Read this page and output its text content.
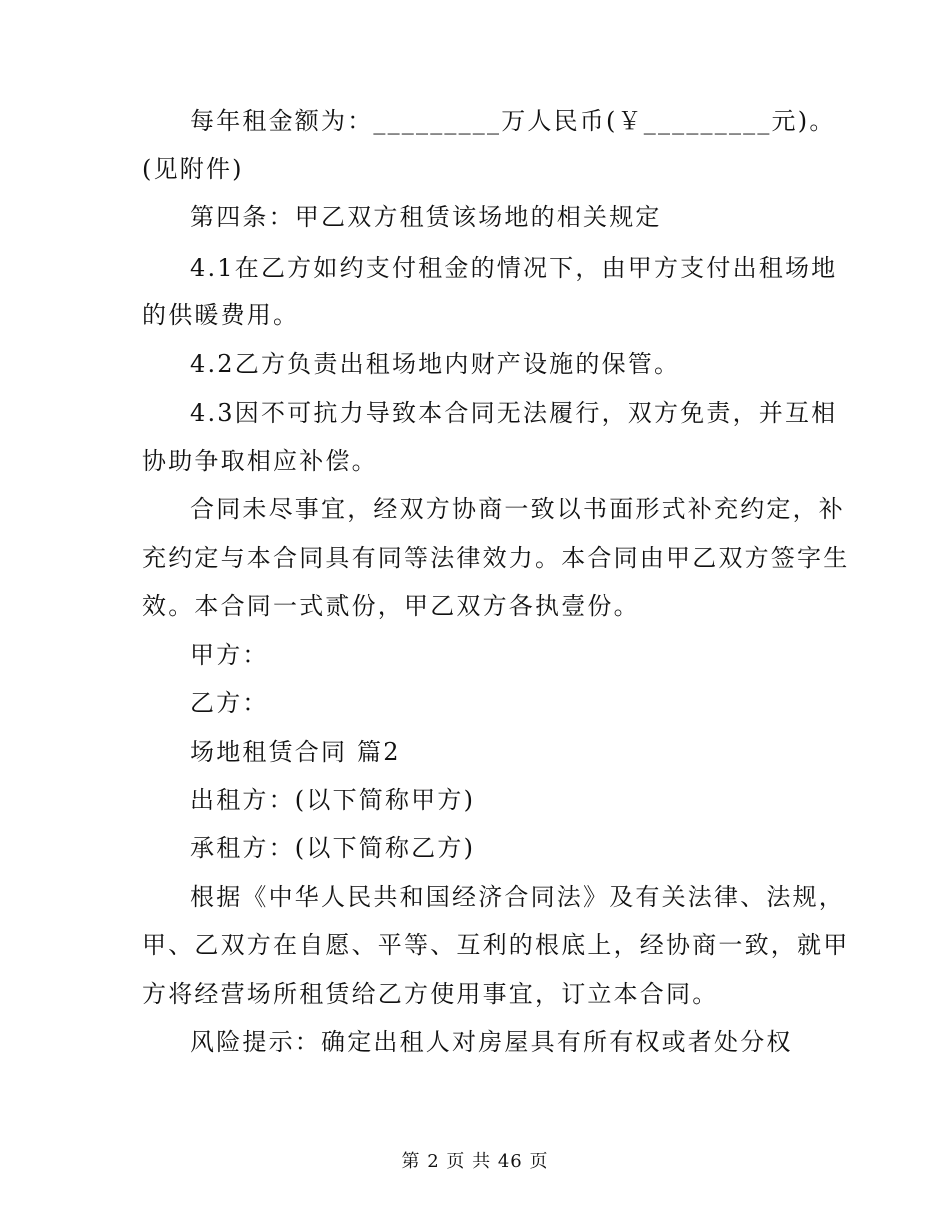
每年租金额为：_________万人民币(￥_________元)。
(见附件)
第四条：甲乙双方租赁该场地的相关规定
4.1在乙方如约支付租金的情况下，由甲方支付出租场地
的供暖费用。
4.2乙方负责出租场地内财产设施的保管。
4.3因不可抗力导致本合同无法履行，双方免责，并互相
协助争取相应补偿。
合同未尽事宜，经双方协商一致以书面形式补充约定，补
充约定与本合同具有同等法律效力。本合同由甲乙双方签字生
效。本合同一式贰份，甲乙双方各执壹份。
甲方：
乙方：
场地租赁合同 篇2
出租方：(以下简称甲方)
承租方：(以下简称乙方)
根据《中华人民共和国经济合同法》及有关法律、法规，
甲、乙双方在自愿、平等、互利的根底上，经协商一致，就甲
方将经营场所租赁给乙方使用事宜，订立本合同。
风险提示：确定出租人对房屋具有所有权或者处分权
第 2 页 共 46 页
